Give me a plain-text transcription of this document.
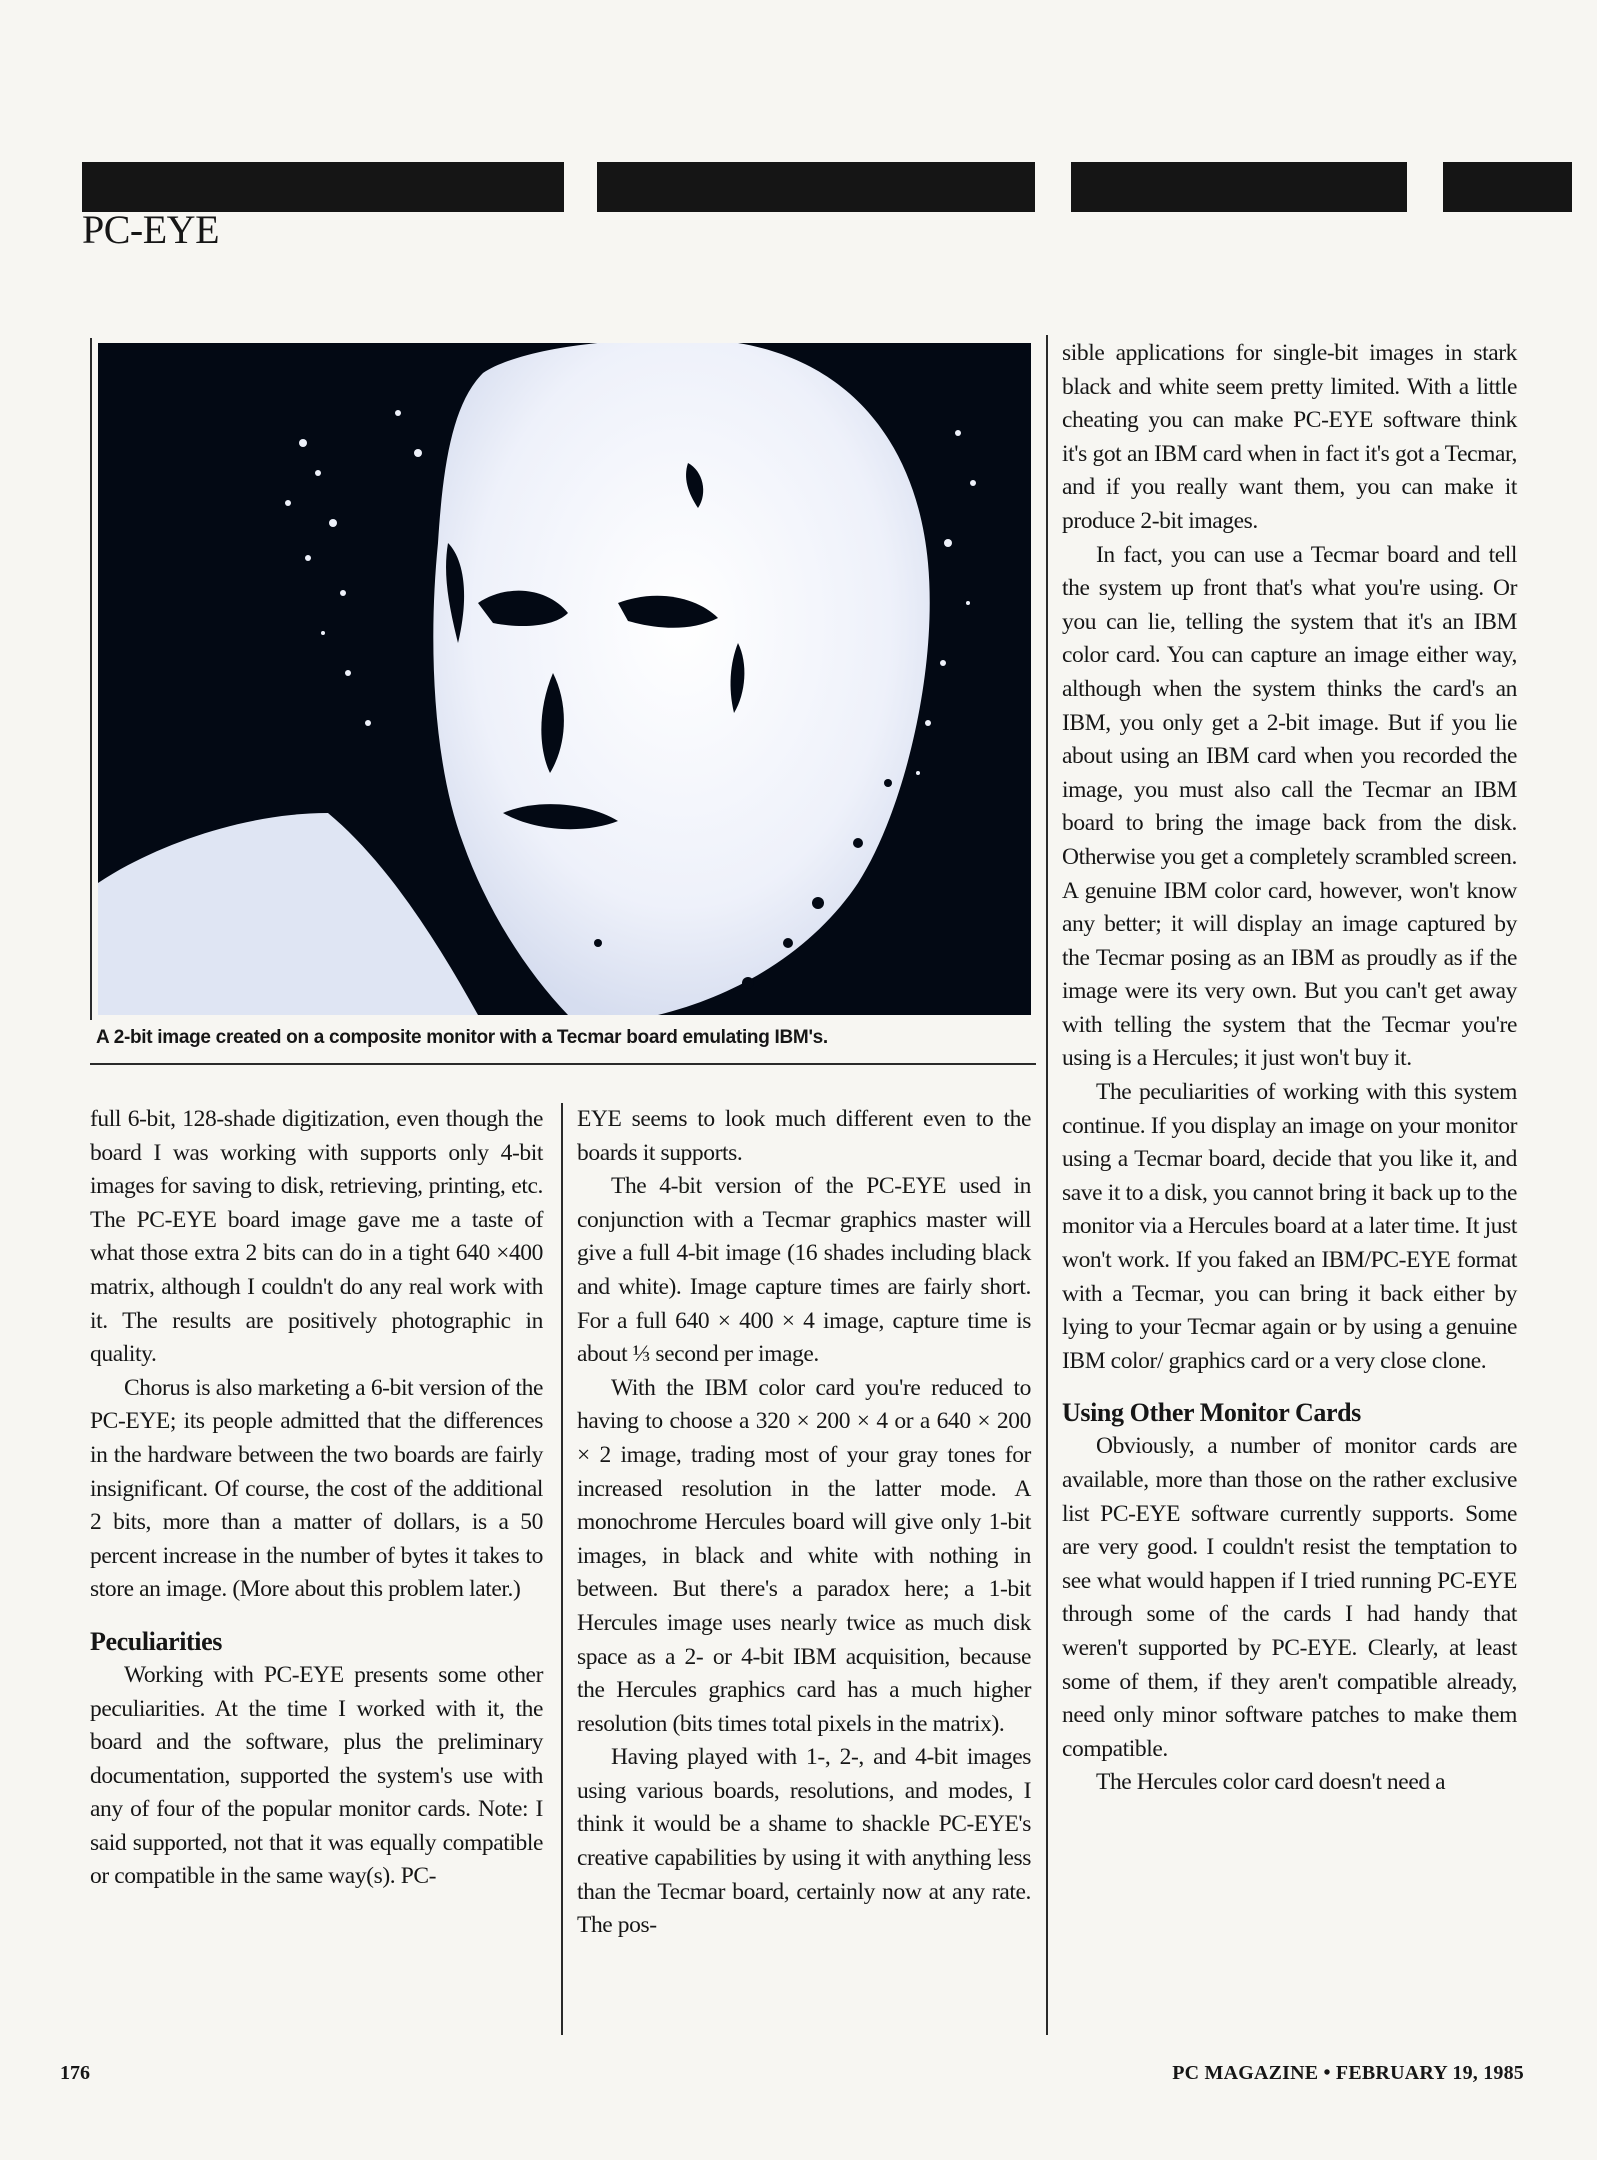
PC-EYE
A 2-bit image created on a composite monitor with a Tecmar board emulating IBM's.

full 6-bit, 128-shade digitization, even though the board I was working with supports only 4-bit images for saving to disk, retrieving, printing, etc. The PC-EYE board image gave me a taste of what those extra 2 bits can do in a tight 640 ×400 matrix, although I couldn't do any real work with it. The results are positively photographic in quality.

Chorus is also marketing a 6-bit version of the PC-EYE; its people admitted that the differences in the hardware between the two boards are fairly insignificant. Of course, the cost of the additional 2 bits, more than a matter of dollars, is a 50 percent increase in the number of bytes it takes to store an image. (More about this problem later.)

Peculiarities

Working with PC-EYE presents some other peculiarities. At the time I worked with it, the board and the software, plus the preliminary documentation, supported the system's use with any of four of the popular monitor cards. Note: I said supported, not that it was equally compatible or compatible in the same way(s). PC-

EYE seems to look much different even to the boards it supports.

The 4-bit version of the PC-EYE used in conjunction with a Tecmar graphics master will give a full 4-bit image (16 shades including black and white). Image capture times are fairly short. For a full 640 × 400 × 4 image, capture time is about ⅓ second per image.

With the IBM color card you're reduced to having to choose a 320 × 200 × 4 or a 640 × 200 × 2 image, trading most of your gray tones for increased resolution in the latter mode. A monochrome Hercules board will give only 1-bit images, in black and white with nothing in between. But there's a paradox here; a 1-bit Hercules image uses nearly twice as much disk space as a 2- or 4-bit IBM acquisition, because the Hercules graphics card has a much higher resolution (bits times total pixels in the matrix).

Having played with 1-, 2-, and 4-bit images using various boards, resolutions, and modes, I think it would be a shame to shackle PC-EYE's creative capabilities by using it with anything less than the Tecmar board, certainly now at any rate. The pos-

sible applications for single-bit images in stark black and white seem pretty limited. With a little cheating you can make PC-EYE software think it's got an IBM card when in fact it's got a Tecmar, and if you really want them, you can make it produce 2-bit images.

In fact, you can use a Tecmar board and tell the system up front that's what you're using. Or you can lie, telling the system that it's an IBM color card. You can capture an image either way, although when the system thinks the card's an IBM, you only get a 2-bit image. But if you lie about using an IBM card when you recorded the image, you must also call the Tecmar an IBM board to bring the image back from the disk. Otherwise you get a completely scrambled screen. A genuine IBM color card, however, won't know any better; it will display an image captured by the Tecmar posing as an IBM as proudly as if the image were its very own. But you can't get away with telling the system that the Tecmar you're using is a Hercules; it just won't buy it.

The peculiarities of working with this system continue. If you display an image on your monitor using a Tecmar board, decide that you like it, and save it to a disk, you cannot bring it back up to the monitor via a Hercules board at a later time. It just won't work. If you faked an IBM/PC-EYE format with a Tecmar, you can bring it back either by lying to your Tecmar again or by using a genuine IBM color/ graphics card or a very close clone.

Using Other Monitor Cards

Obviously, a number of monitor cards are available, more than those on the rather exclusive list PC-EYE software currently supports. Some are very good. I couldn't resist the temptation to see what would happen if I tried running PC-EYE through some of the cards I had handy that weren't supported by PC-EYE. Clearly, at least some of them, if they aren't compatible already, need only minor software patches to make them compatible.

The Hercules color card doesn't need a

176	PC MAGAZINE • FEBRUARY 19, 1985
